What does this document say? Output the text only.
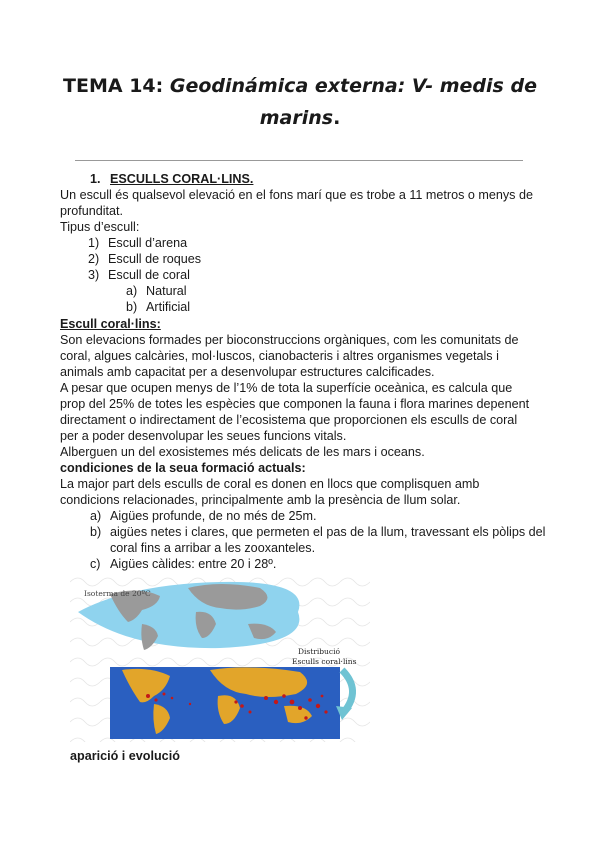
TEMA 14: Geodinámica externa: V- medis de
marins.
1. ESCULLS CORAL·LINS.
Un escull és qualsevol elevació en el fons marí que es trobe a 11 metros o menys de
profunditat.
Tipus d’escull:
1) Escull d’arena
2) Escull de roques
3) Escull de coral
a) Natural
b) Artificial
Escull coral·lins:
Son elevacions formades per bioconstruccions orgàniques, com les comunitats de
coral, algues calcàries, mol·luscos, cianobacteris i altres organismes vegetals i
animals amb capacitat per a desenvolupar estructures calcificades.
A pesar que ocupen menys de l’1% de tota la superfície oceànica, es calcula que
prop del 25% de totes les espècies que componen la fauna i flora marines depenent
directament o indirectament de l’ecosistema que proporcionen els esculls de coral
per a poder desenvolupar les seues funcions vitals.
Alberguen un del exosistemes més delicats de les mars i oceans.
condiciones de la seua formació actuals:
La major part dels esculls de coral es donen en llocs que complisquen amb
condicions relacionades, principalmente amb la presència de llum solar.
a) Aigües profunde, de no més de 25m.
b) aigües netes i clares, que permeten el pas de la llum, travessant els pòlips del
coral fins a arribar a les zooxanteles.
c) Aigües càlides: entre 20 i 28º.
Isoterma de 20ºC
Distribució
Esculls coral·lins
aparició i evolució
